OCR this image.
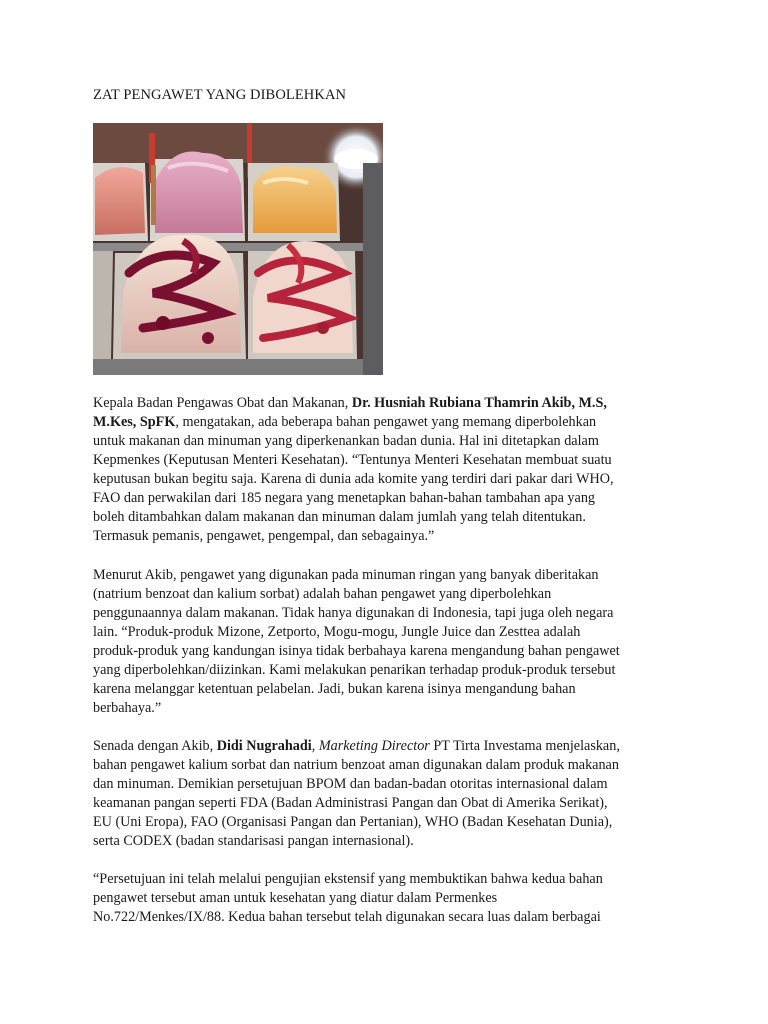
ZAT PENGAWET YANG DIBOLEHKAN
Kepala Badan Pengawas Obat dan Makanan, Dr. Husniah Rubiana Thamrin Akib, M.S,
M.Kes, SpFK, mengatakan, ada beberapa bahan pengawet yang memang diperbolehkan
untuk makanan dan minuman yang diperkenankan badan dunia. Hal ini ditetapkan dalam
Kepmenkes (Keputusan Menteri Kesehatan). “Tentunya Menteri Kesehatan membuat suatu
keputusan bukan begitu saja. Karena di dunia ada komite yang terdiri dari pakar dari WHO,
FAO dan perwakilan dari 185 negara yang menetapkan bahan-bahan tambahan apa yang
boleh ditambahkan dalam makanan dan minuman dalam jumlah yang telah ditentukan.
Termasuk pemanis, pengawet, pengempal, dan sebagainya.”
Menurut Akib, pengawet yang digunakan pada minuman ringan yang banyak diberitakan
(natrium benzoat dan kalium sorbat) adalah bahan pengawet yang diperbolehkan
penggunaannya dalam makanan. Tidak hanya digunakan di Indonesia, tapi juga oleh negara
lain. “Produk-produk Mizone, Zetporto, Mogu-mogu, Jungle Juice dan Zesttea adalah
produk-produk yang kandungan isinya tidak berbahaya karena mengandung bahan pengawet
yang diperbolehkan/diizinkan. Kami melakukan penarikan terhadap produk-produk tersebut
karena melanggar ketentuan pelabelan. Jadi, bukan karena isinya mengandung bahan
berbahaya.”
Senada dengan Akib, Didi Nugrahadi, Marketing Director PT Tirta Investama menjelaskan,
bahan pengawet kalium sorbat dan natrium benzoat aman digunakan dalam produk makanan
dan minuman. Demikian persetujuan BPOM dan badan-badan otoritas internasional dalam
keamanan pangan seperti FDA (Badan Administrasi Pangan dan Obat di Amerika Serikat),
EU (Uni Eropa), FAO (Organisasi Pangan dan Pertanian), WHO (Badan Kesehatan Dunia),
serta CODEX (badan standarisasi pangan internasional).
“Persetujuan ini telah melalui pengujian ekstensif yang membuktikan bahwa kedua bahan
pengawet tersebut aman untuk kesehatan yang diatur dalam Permenkes
No.722/Menkes/IX/88. Kedua bahan tersebut telah digunakan secara luas dalam berbagai
